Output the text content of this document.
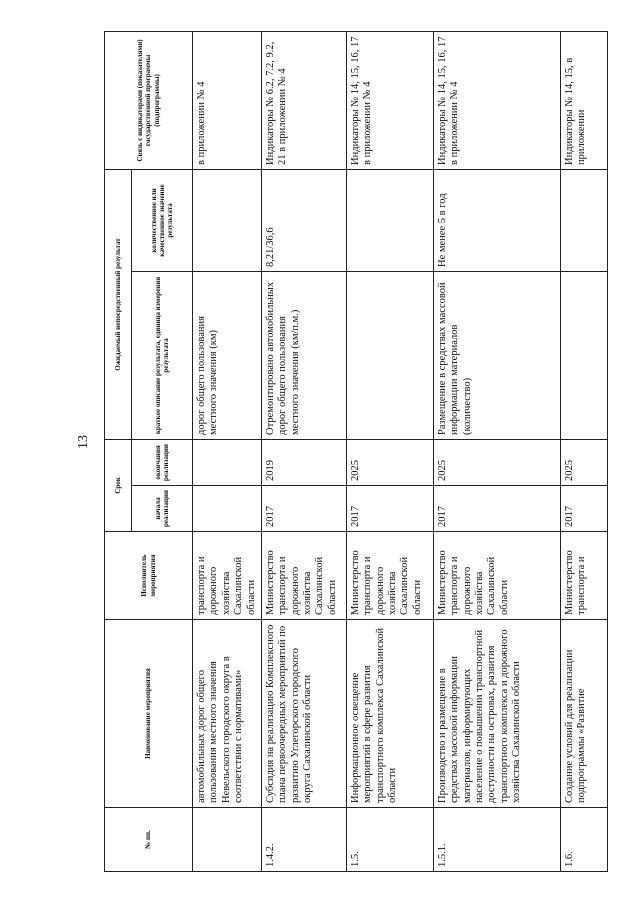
13
№ пп.	Наименование мероприятия	Исполнитель мероприятия	Срок		Ожидаемый непосредственный результат		Связь с индикаторами (показателями) государственной программы (подпрограммы)
			начала реализации	окончания реализации	краткое описание результата, единица измерения результата	количественное или качественное значение результата	
	автомобильных дорог общего пользования местного значения Невельского городского округа в соответствии с нормативами»	транспорта и дорожного хозяйства Сахалинской области			дорог общего пользования местного значения (км)		в приложении № 4
1.4.2.	Субсидия на реализацию Комплексного плана первоочередных мероприятий по развитию Углегорского городского округа Сахалинской области	Министерство транспорта и дорожного хозяйства Сахалинской области	2017	2019	Отремонтировано автомобильных дорог общего пользования местного значения (км/п.м.)	8,21/36,6	Индикаторы № 6.2, 7.2, 9.2, 21 в приложении № 4
1.5.	Информационное освещение мероприятий в сфере развития транспортного комплекса Сахалинской области	Министерство транспорта и дорожного хозяйства Сахалинской области	2017	2025			Индикаторы № 14, 15, 16, 17 в приложении № 4
1.5.1.	Производство и размещение в средствах массовой информации материалов, информирующих население о повышении транспортной доступности на островах, развития транспортного комплекса и дорожного хозяйства Сахалинской области	Министерство транспорта и дорожного хозяйства Сахалинской области	2017	2025	Размещение в средствах массовой информации материалов (количество)	Не менее 5 в год	Индикаторы № 14, 15, 16, 17 в приложении № 4
1.6.	Создание условий для реализации подпрограммы «Развитие	Министерство транспорта и	2017	2025			Индикаторы № 14, 15, в приложении
